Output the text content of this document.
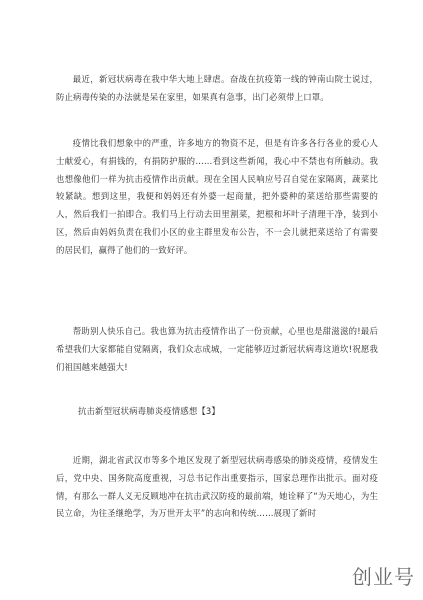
最近，新冠状病毒在我中华大地上肆虐。奋战在抗疫第一线的钟南山院士说过，防止病毒传染的办法就是呆在家里，如果真有急事，出门必须带上口罩。

疫情比我们想象中的严重，许多地方的物资不足，但是有许多各行各业的爱心人士献爱心，有捐钱的，有捐防护服的……看到这些新闻，我心中不禁也有所触动。我也想像他们一样为抗击疫情作出贡献。现在全国人民响应号召自觉在家隔离，蔬菜比较紧缺。想到这里，我便和妈妈还有外婆一起商量，把外婆种的菜送给那些需要的人，然后我们一拍即合。我们马上行动去田里割菜，把根和坏叶子清理干净，装到小区，然后由妈妈负责在我们小区的业主群里发布公告，不一会儿就把菜送给了有需要的居民们，赢得了他们的一致好评。

帮助别人快乐自己。我也算为抗击疫情作出了一份贡献，心里也是甜滋滋的!最后希望我们大家都能自觉隔离，我们众志成城，一定能够迈过新冠状病毒这道坎!祝愿我们祖国越来越强大!

抗击新型冠状病毒肺炎疫情感想【3】

近期，湖北省武汉市等多个地区发现了新型冠状病毒感染的肺炎疫情，疫情发生后，党中央、国务院高度重视，习总书记作出重要指示，国家总理作出批示。面对疫情，有那么一群人义无反顾地冲在抗击武汉防疫的最前端，她诠释了“为天地心，为生民立命，为往圣继绝学，为万世开太平”的志向和传统……展现了新时

创业号
